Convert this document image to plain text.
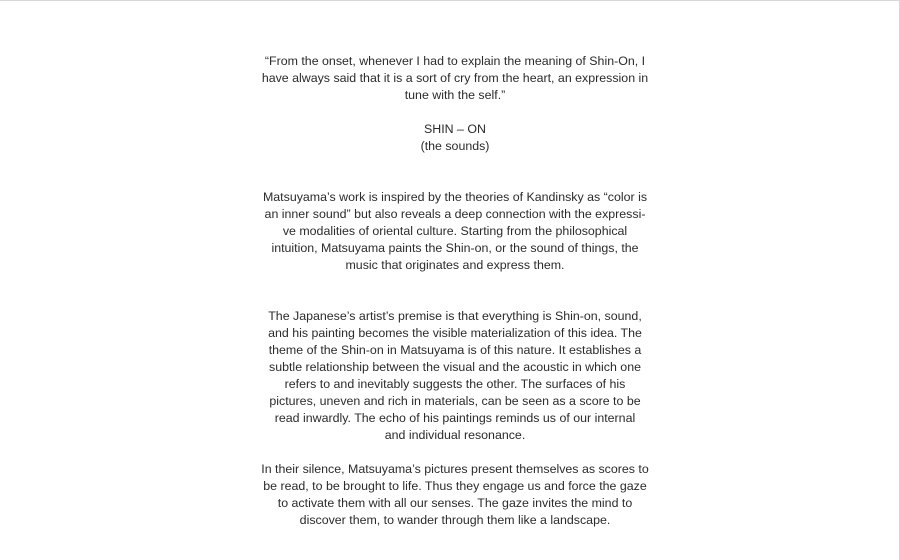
“From the onset, whenever I had to explain the meaning of Shin-On, I
have always said that it is a sort of cry from the heart, an expression in
tune with the self.”
SHIN – ON
(the sounds)
Matsuyama’s work is inspired by the theories of Kandinsky as “color is
an inner sound” but also reveals a deep connection with the expressi-
ve modalities of oriental culture. Starting from the philosophical
intuition, Matsuyama paints the Shin-on, or the sound of things, the
music that originates and express them.
The Japanese’s artist’s premise is that everything is Shin-on, sound,
and his painting becomes the visible materialization of this idea. The
theme of the Shin-on in Matsuyama is of this nature. It establishes a
subtle relationship between the visual and the acoustic in which one
refers to and inevitably suggests the other. The surfaces of his
pictures, uneven and rich in materials, can be seen as a score to be
read inwardly. The echo of his paintings reminds us of our internal
and individual resonance.
In their silence, Matsuyama’s pictures present themselves as scores to
be read, to be brought to life. Thus they engage us and force the gaze
to activate them with all our senses. The gaze invites the mind to
discover them, to wander through them like a landscape.
